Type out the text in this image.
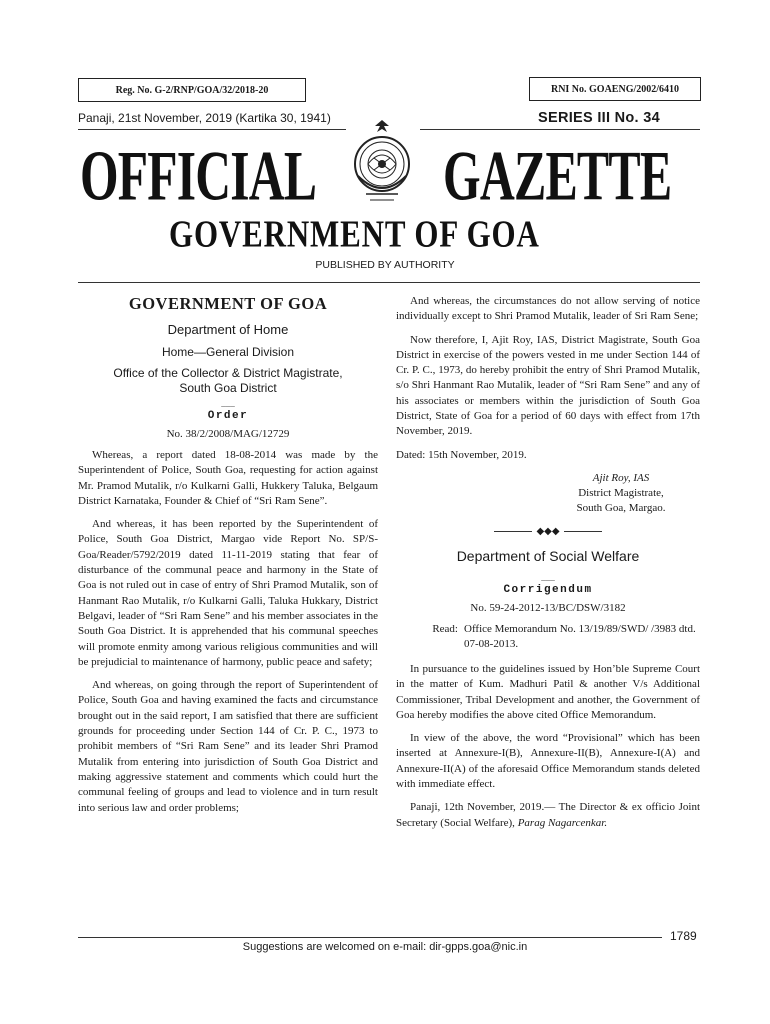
Reg. No. G-2/RNP/GOA/32/2018-20	RNI No. GOAENG/2002/6410
Panaji, 21st November, 2019 (Kartika 30, 1941)	SERIES III No. 34
OFFICIAL GAZETTE
GOVERNMENT OF GOA
PUBLISHED BY AUTHORITY
GOVERNMENT OF GOA
Department of Home
Home—General Division
Office of the Collector & District Magistrate, South Goa District
___
Order
No. 38/2/2008/MAG/12729

Whereas, a report dated 18-08-2014 was made by the Superintendent of Police, South Goa, requesting for action against Mr. Pramod Mutalik, r/o Kulkarni Galli, Hukkery Taluka, Belgaum District Karnataka, Founder & Chief of “Sri Ram Sene”.

And whereas, it has been reported by the Superintendent of Police, South Goa District, Margao vide Report No. SP/S-Goa/Reader/5792/2019 dated 11-11-2019 stating that fear of disturbance of the communal peace and harmony in the State of Goa is not ruled out in case of entry of Shri Pramod Mutalik, son of Hanmant Rao Mutalik, r/o Kulkarni Galli, Taluka Hukkary, District Belgavi, leader of “Sri Ram Sene” and his member associates in the South Goa District. It is apprehended that his communal speeches will promote enmity among various religious communities and will be prejudicial to maintenance of harmony, public peace and safety;

And whereas, on going through the report of Superintendent of Police, South Goa and having examined the facts and circumstance brought out in the said report, I am satisfied that there are sufficient grounds for proceeding under Section 144 of Cr. P. C., 1973 to prohibit members of “Sri Ram Sene” and its leader Shri Pramod Mutalik from entering into jurisdiction of South Goa District and making aggressive statement and comments which could hurt the communal feeling of groups and lead to violence and in turn result into serious law and order problems;

And whereas, the circumstances do not allow serving of notice individually except to Shri Pramod Mutalik, leader of Sri Ram Sene;

Now therefore, I, Ajit Roy, IAS, District Magistrate, South Goa District in exercise of the powers vested in me under Section 144 of Cr. P. C., 1973, do hereby prohibit the entry of Shri Pramod Mutalik, s/o Shri Hanmant Rao Mutalik, leader of “Sri Ram Sene” and any of his associates or members within the jurisdiction of South Goa District, State of Goa for a period of 60 days with effect from 17th November, 2019.

Dated: 15th November, 2019.

Ajit Roy, IAS
District Magistrate,
South Goa, Margao.
◆◆◆
Department of Social Welfare
___
Corrigendum
No. 59-24-2012-13/BC/DSW/3182
Read: Office Memorandum No. 13/19/89/SWD/ /3983 dtd. 07-08-2013.

In pursuance to the guidelines issued by Hon’ble Supreme Court in the matter of Kum. Madhuri Patil & another V/s Additional Commissioner, Tribal Development and another, the Government of Goa hereby modifies the above cited Office Memorandum.

In view of the above, the word “Provisional” which has been inserted at Annexure-I(B), Annexure-II(B), Annexure-I(A) and Annexure-II(A) of the aforesaid Office Memorandum stands deleted with immediate effect.

Panaji, 12th November, 2019.— The Director & ex officio Joint Secretary (Social Welfare), Parag Nagarcenkar.

1789
Suggestions are welcomed on e-mail: dir-gpps.goa@nic.in
